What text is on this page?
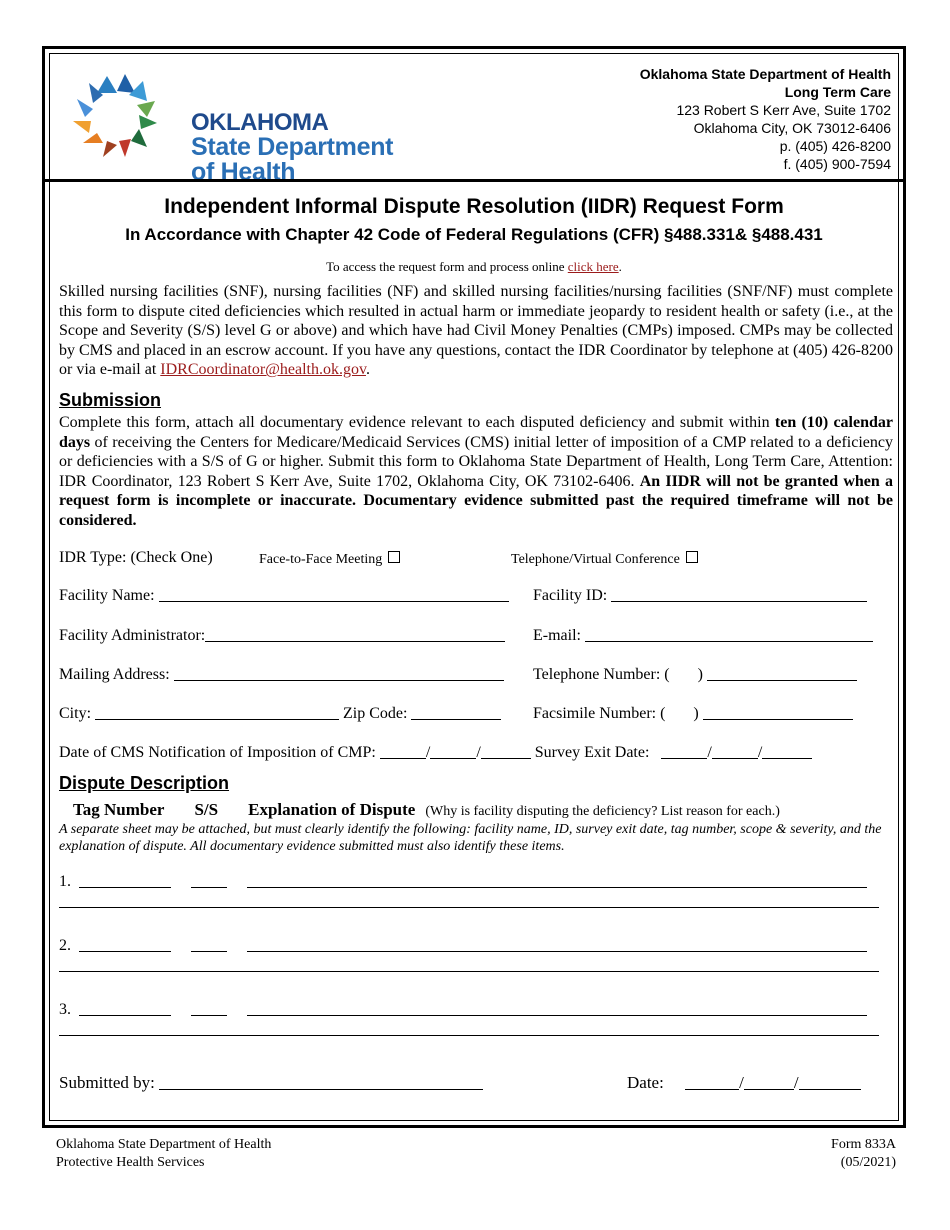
OKLAHOMA
State Department
of Health
Oklahoma State Department of Health
Long Term Care
123 Robert S Kerr Ave, Suite 1702
Oklahoma City, OK 73012-6406
p. (405) 426-8200
f. (405) 900-7594
Independent Informal Dispute Resolution (IIDR) Request Form
In Accordance with Chapter 42 Code of Federal Regulations (CFR) §488.331& §488.431
To access the request form and process online click here.
Skilled nursing facilities (SNF), nursing facilities (NF) and skilled nursing facilities/nursing facilities (SNF/NF) must complete this form to dispute cited deficiencies which resulted in actual harm or immediate jeopardy to resident health or safety (i.e., at the Scope and Severity (S/S) level G or above) and which have had Civil Money Penalties (CMPs) imposed. CMPs may be collected by CMS and placed in an escrow account. If you have any questions, contact the IDR Coordinator by telephone at (405) 426-8200 or via e-mail at IDRCoordinator@health.ok.gov.
Submission
Complete this form, attach all documentary evidence relevant to each disputed deficiency and submit within ten (10) calendar days of receiving the Centers for Medicare/Medicaid Services (CMS) initial letter of imposition of a CMP related to a deficiency or deficiencies with a S/S of G or higher. Submit this form to Oklahoma State Department of Health, Long Term Care, Attention: IDR Coordinator, 123 Robert S Kerr Ave, Suite 1702, Oklahoma City, OK 73102-6406. An IIDR will not be granted when a request form is incomplete or inaccurate. Documentary evidence submitted past the required timeframe will not be considered.
IDR Type: (Check One)	Face-to-Face Meeting	Telephone/Virtual Conference
Facility Name:	Facility ID:
Facility Administrator:	E-mail:
Mailing Address:	Telephone Number: ( )
City:	Zip Code:	Facsimile Number: ( )
Date of CMS Notification of Imposition of CMP:	/	/	Survey Exit Date:	/	/
Dispute Description
Tag Number S/S Explanation of Dispute (Why is facility disputing the deficiency? List reason for each.)
A separate sheet may be attached, but must clearly identify the following: facility name, ID, survey exit date, tag number, scope & severity, and the explanation of dispute. All documentary evidence submitted must also identify these items.
1.
2.
3.
Submitted by:	Date:	/	/
Oklahoma State Department of Health
Protective Health Services
Form 833A
(05/2021)
